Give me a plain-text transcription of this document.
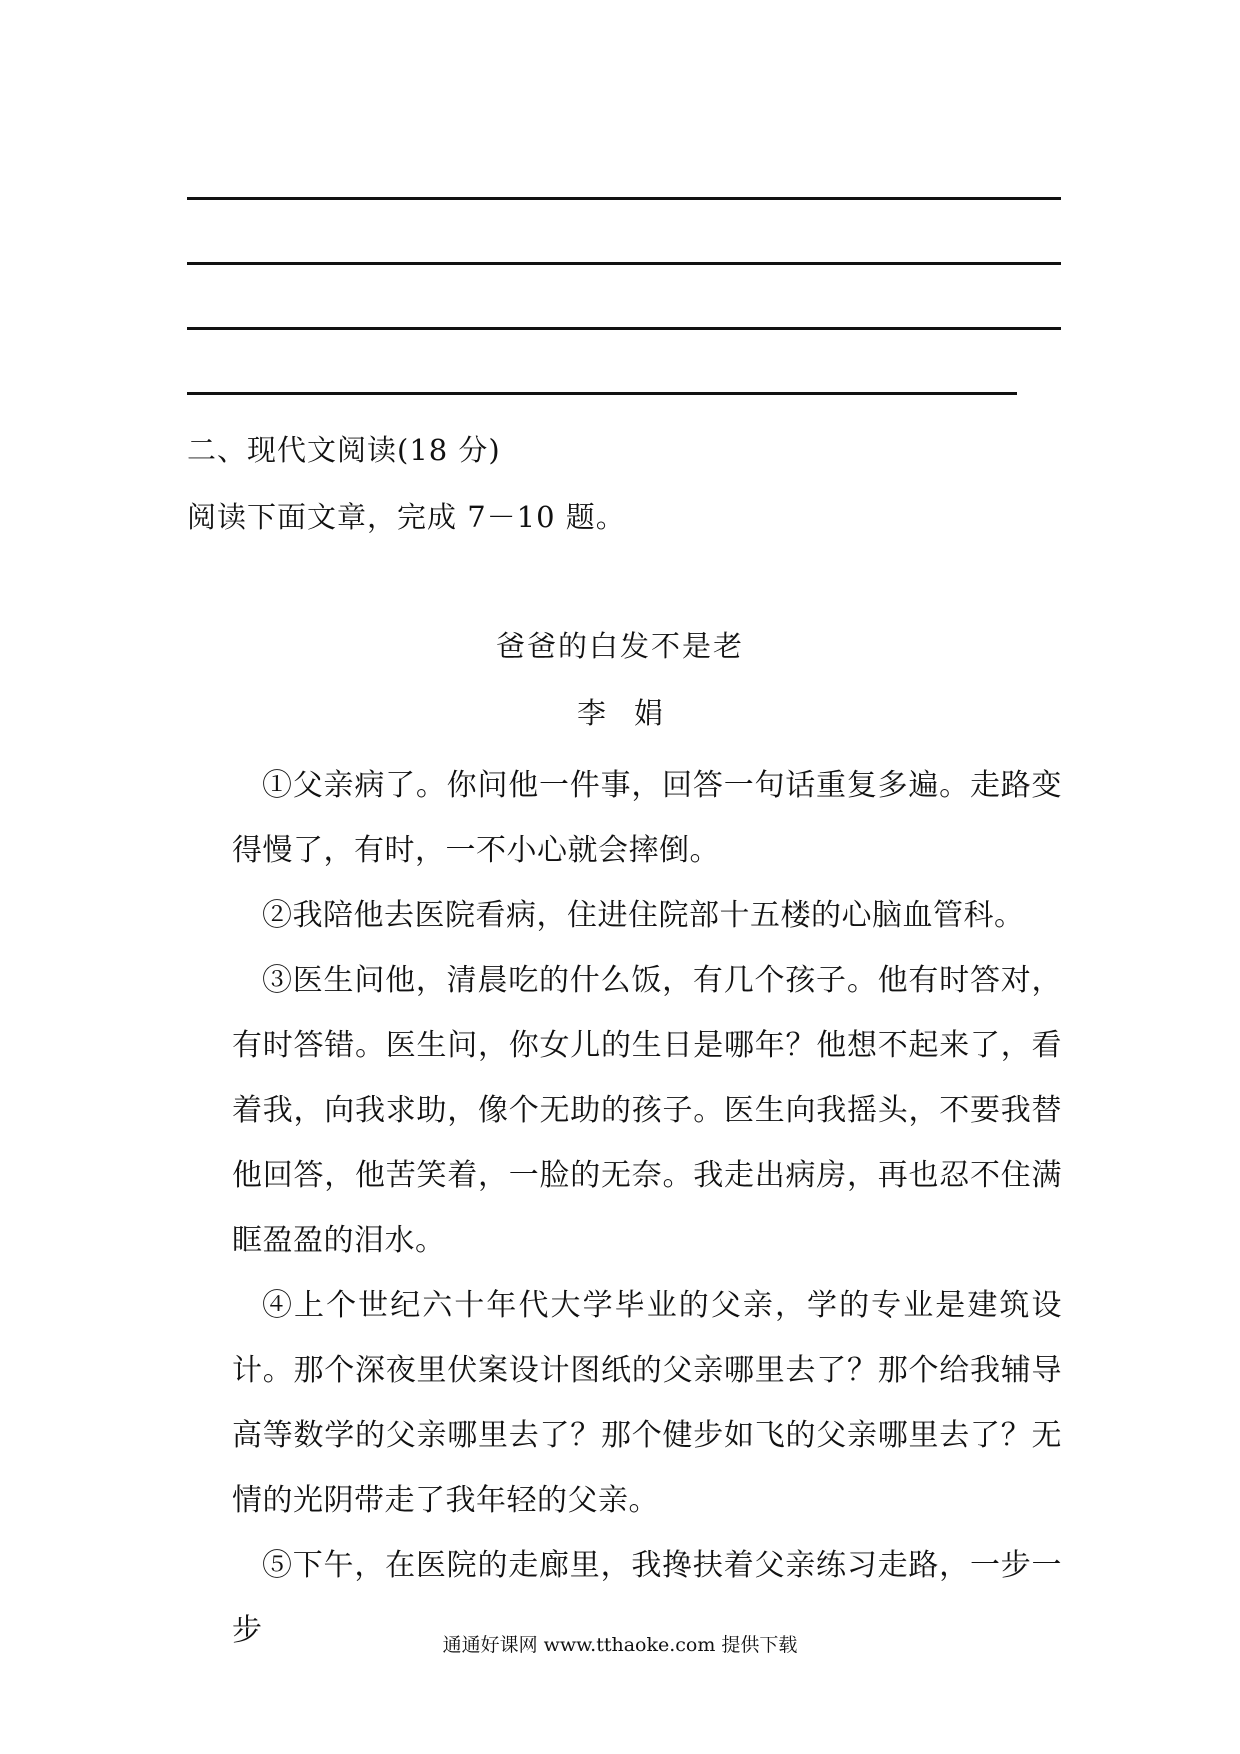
二、现代文阅读(18 分)
阅读下面文章，完成 7－10 题。
爸爸的白发不是老
李娟

①父亲病了。你问他一件事，回答一句话重复多遍。走路变得慢了，有时，一不小心就会摔倒。

②我陪他去医院看病，住进住院部十五楼的心脑血管科。

③医生问他，清晨吃的什么饭，有几个孩子。他有时答对，有时答错。医生问，你女儿的生日是哪年？他想不起来了，看着我，向我求助，像个无助的孩子。医生向我摇头，不要我替他回答，他苦笑着，一脸的无奈。我走出病房，再也忍不住满眶盈盈的泪水。

④上个世纪六十年代大学毕业的父亲，学的专业是建筑设计。那个深夜里伏案设计图纸的父亲哪里去了？那个给我辅导高等数学的父亲哪里去了？那个健步如飞的父亲哪里去了？无情的光阴带走了我年轻的父亲。

⑤下午，在医院的走廊里，我搀扶着父亲练习走路，一步一步	通通好课网 www.tthaoke.com 提供下载
